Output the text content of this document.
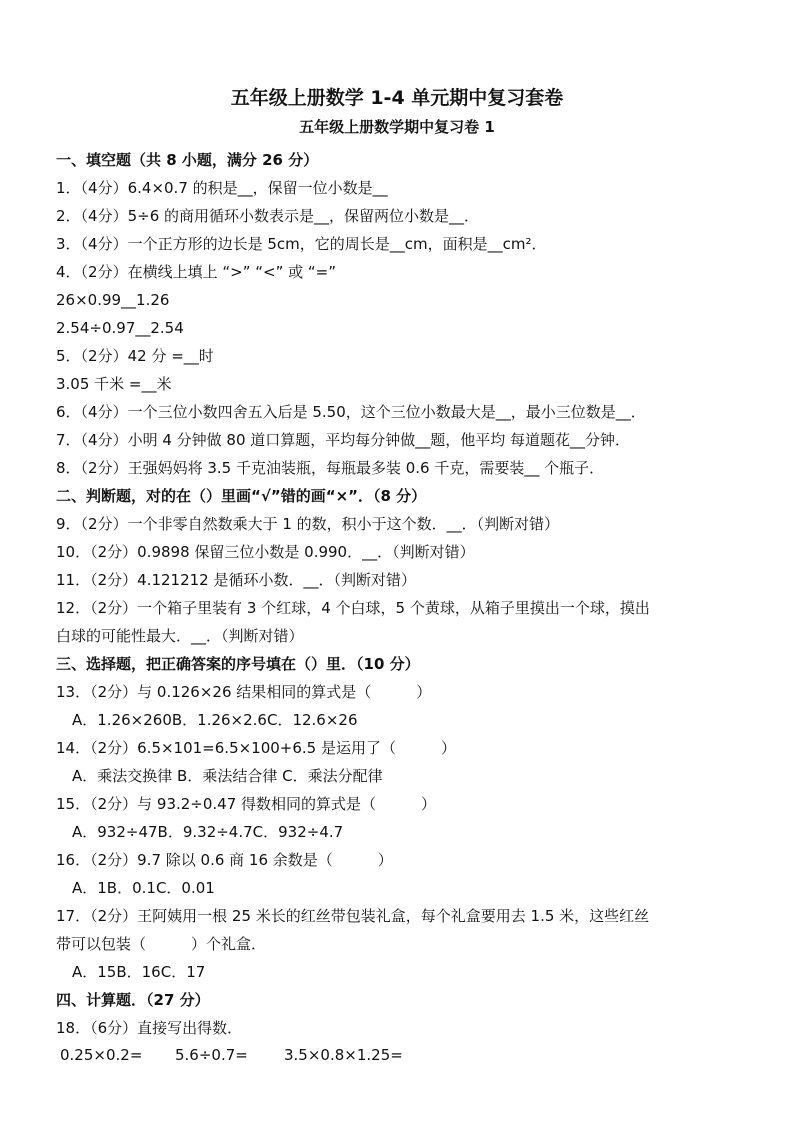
五年级上册数学 1-4 单元期中复习套卷
五年级上册数学期中复习卷 1
一、填空题（共 8 小题，满分 26 分）
1．（4分）6.4×0.7 的积是__，保留一位小数是__
2．（4分）5÷6 的商用循环小数表示是__，保留两位小数是__．
3．（4分）一个正方形的边长是 5cm，它的周长是__cm，面积是__cm²．
4．（2分）在横线上填上 “>” “<” 或 “=”
26×0.99__1.26
2.54÷0.97__2.54
5．（2分）42 分 =__时
3.05 千米 =__米
6．（4分）一个三位小数四舍五入后是 5.50，这个三位小数最大是__，最小三位数是__．
7．（4分）小明 4 分钟做 80 道口算题，平均每分钟做__题，他平均 每道题花__分钟．
8．（2分）王强妈妈将 3.5 千克油装瓶，每瓶最多装 0.6 千克，需要装__ 个瓶子．
二、判断题，对的在（）里画“√”错的画“×”．（8 分）
9．（2分）一个非零自然数乘大于 1 的数，积小于这个数．__．（判断对错）
10．（2分）0.9898 保留三位小数是 0.990．__．（判断对错）
11．（2分）4.121212 是循环小数．__．（判断对错）
12．（2分）一个箱子里装有 3 个红球，4 个白球，5 个黄球，从箱子里摸出一个球，摸出
白球的可能性最大．__．（判断对错）
三、选择题，把正确答案的序号填在（）里．（10 分）
13．（2分）与 0.126×26 结果相同的算式是（　　　）
A．1.26×260B．1.26×2.6C．12.6×26
14．（2分）6.5×101=6.5×100+6.5 是运用了（　　　）
A．乘法交换律 B．乘法结合律 C．乘法分配律
15．（2分）与 93.2÷0.47 得数相同的算式是（　　　）
A．932÷47B．9.32÷4.7C．932÷4.7
16．（2分）9.7 除以 0.6 商 16 余数是（　　　）
A．1B．0.1C．0.01
17．（2分）王阿姨用一根 25 米长的红丝带包装礼盒，每个礼盒要用去 1.5 米，这些红丝
带可以包装（　　　）个礼盒．
A．15B．16C．17
四、计算题．（27 分）
18．（6分）直接写出得数．
0.25×0.2= 5.6÷0.7= 3.5×0.8×1.25=
